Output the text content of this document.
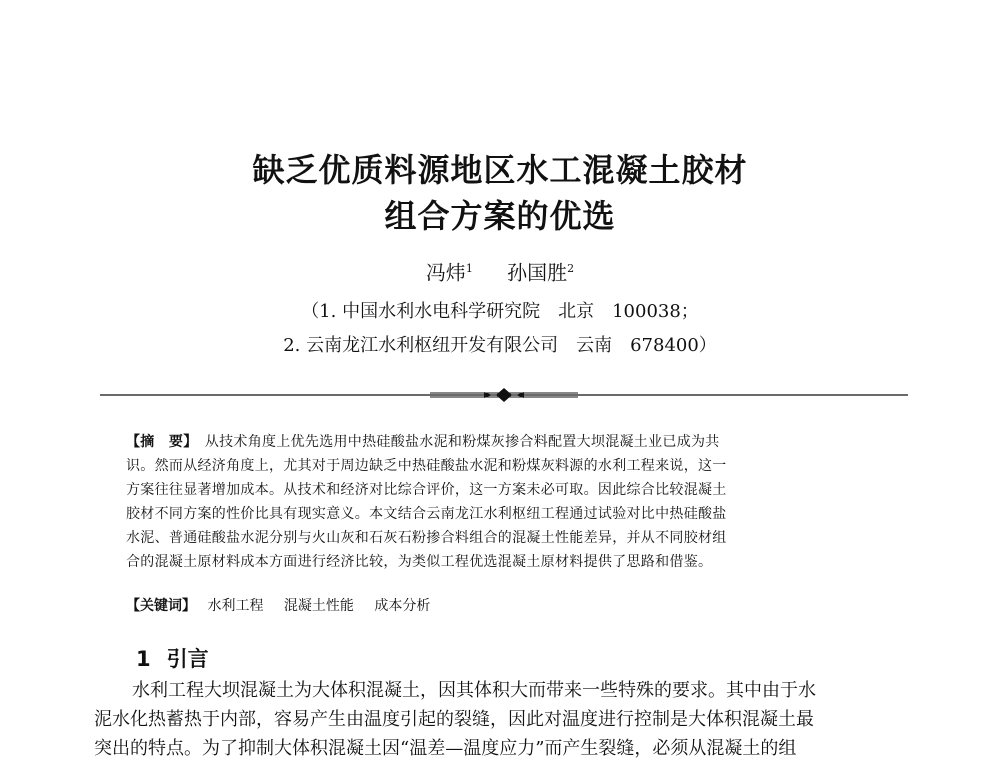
缺乏优质料源地区水工混凝土胶材
组合方案的优选
冯炜$^1$ 孙国胜$^2$
（1. 中国水利水电科学研究院　北京　100038；
2. 云南龙江水利枢纽开发有限公司　云南　678400）
【摘　要】　 从技术角度上优先选用中热硅酸盐水泥和粉煤灰掺合料配置大坝混凝土业已成为共
识。然而从经济角度上，尤其对于周边缺乏中热硅酸盐水泥和粉煤灰料源的水利工程来说，这一
方案往往显著增加成本。从技术和经济对比综合评价，这一方案未必可取。因此综合比较混凝土
胶材不同方案的性价比具有现实意义。本文结合云南龙江水利枢纽工程通过试验对比中热硅酸盐
水泥、普通硅酸盐水泥分别与火山灰和石灰石粉掺合料组合的混凝土性能差异，并从不同胶材组
合的混凝土原材料成本方面进行经济比较，为类似工程优选混凝土原材料提供了思路和借鉴。
【关键词】　 水利工程 混凝土性能 成本分析
1 引言
水利工程大坝混凝土为大体积混凝土，因其体积大而带来一些特殊的要求。其中由于水
泥水化热蓄热于内部，容易产生由温度引起的裂缝，因此对温度进行控制是大体积混凝土最
突出的特点。为了抑制大体积混凝土因“温差—温度应力”而产生裂缝，必须从混凝土的组
